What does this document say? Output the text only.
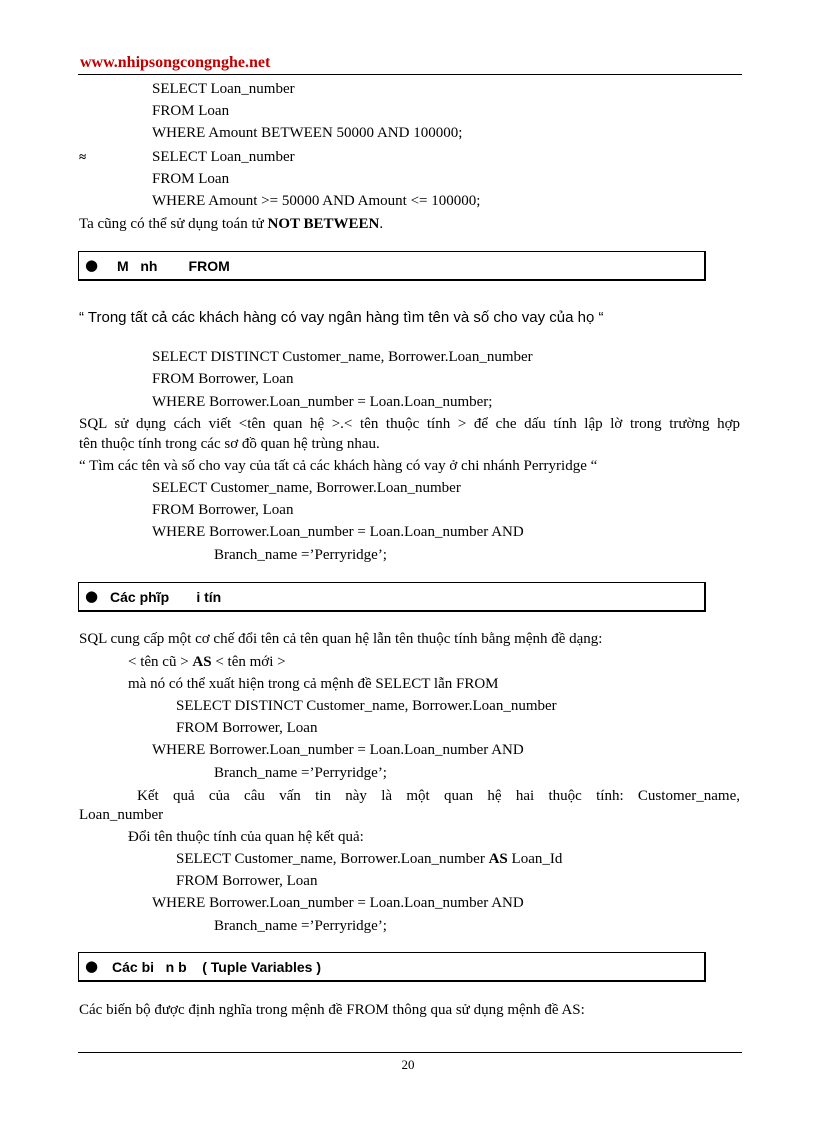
www.nhipsongcongnghe.net
SELECT Loan_number
FROM Loan
WHERE Amount BETWEEN 50000 AND 100000;
≈	SELECT Loan_number
FROM Loan
WHERE Amount >= 50000 AND Amount <= 100000;
Ta cũng có thể sử dụng toán tử NOT BETWEEN.
● M   nh        FROM
“ Trong tất cả các khách hàng có vay ngân hàng tìm tên và số cho vay của họ “
SELECT DISTINCT Customer_name, Borrower.Loan_number
FROM Borrower, Loan
WHERE Borrower.Loan_number = Loan.Loan_number;
SQL sử dụng cách viết <tên quan hệ >.< tên thuộc tính > để che dấu tính lập lờ trong trường hợp
tên thuộc tính trong các sơ đồ quan hệ trùng nhau.
“ Tìm các tên và số cho vay của tất cả các khách hàng có vay ở chi nhánh Perryridge “
SELECT Customer_name, Borrower.Loan_number
FROM Borrower, Loan
WHERE Borrower.Loan_number = Loan.Loan_number AND
Branch_name =’Perryridge’;
● Các phĩp       i tín
SQL cung cấp một cơ chế đổi tên cả tên quan hệ lẫn tên thuộc tính bằng mệnh đề dạng:
< tên cũ > AS < tên mới >
mà nó có thể xuất hiện trong cả mệnh đề SELECT lẫn FROM
SELECT DISTINCT Customer_name, Borrower.Loan_number
FROM Borrower, Loan
WHERE Borrower.Loan_number = Loan.Loan_number AND
Branch_name =’Perryridge’;
Kết quả của câu vấn tin này là một quan hệ hai thuộc tính: Customer_name,
Loan_number
Đổi tên thuộc tính của quan hệ kết quả:
SELECT Customer_name, Borrower.Loan_number AS Loan_Id
FROM Borrower, Loan
WHERE Borrower.Loan_number = Loan.Loan_number AND
Branch_name =’Perryridge’;
● Các bi   n b    ( Tuple Variables )
Các biến bộ được định nghĩa trong mệnh đề FROM thông qua sử dụng mệnh đề AS:
20
